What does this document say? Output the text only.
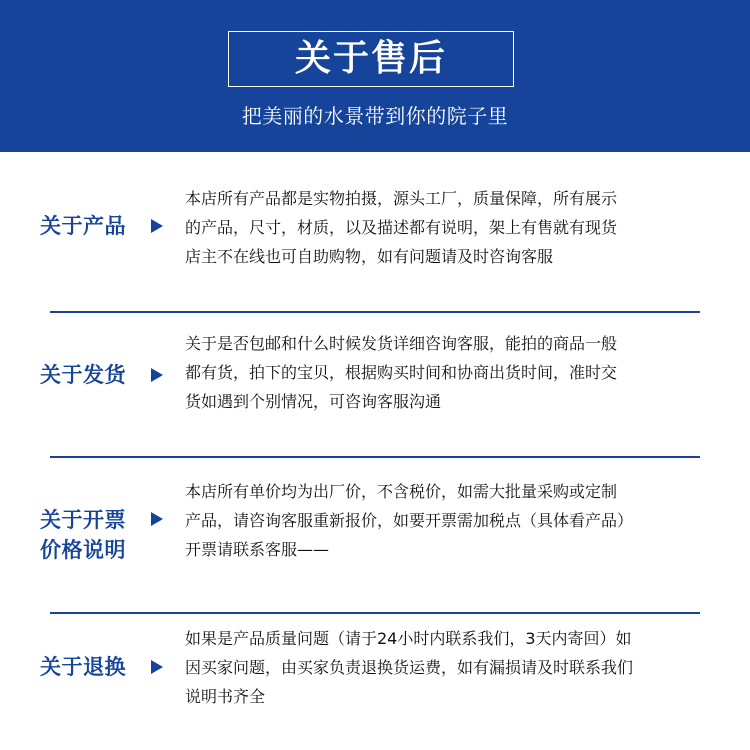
关于售后
把美丽的水景带到你的院子里
关于产品
本店所有产品都是实物拍摄，源头工厂，质量保障，所有展示
的产品，尺寸，材质，以及描述都有说明，架上有售就有现货
店主不在线也可自助购物，如有问题请及时咨询客服
关于发货
关于是否包邮和什么时候发货详细咨询客服，能拍的商品一般
都有货，拍下的宝贝，根据购买时间和协商出货时间，准时交
货如遇到个别情况，可咨询客服沟通
关于开票
价格说明
本店所有单价均为出厂价，不含税价，如需大批量采购或定制
产品，请咨询客服重新报价，如要开票需加税点（具体看产品）
开票请联系客服——
关于退换
如果是产品质量问题（请于24小时内联系我们，3天内寄回）如
因买家问题，由买家负责退换货运费，如有漏损请及时联系我们
说明书齐全
